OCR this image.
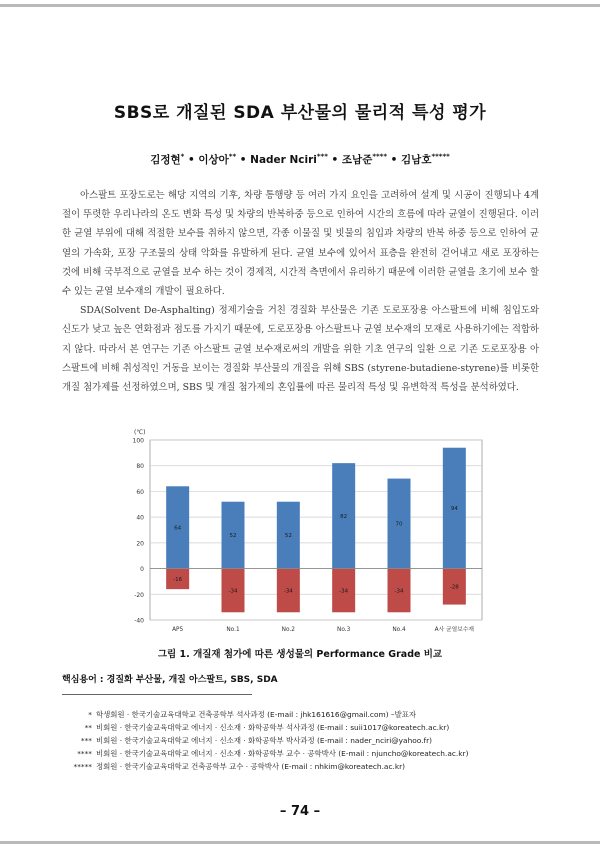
SBS로 개질된 SDA 부산물의 물리적 특성 평가
김정현* • 이상아** • Nader Nciri*** • 조남준**** • 김남호*****

아스팔트 포장도로는 해당 지역의 기후, 차량 통행량 등 여러 가지 요인을 고려하여 설계 및 시공이 진행되나 4계절이 뚜렷한 우리나라의 온도 변화 특성 및 차량의 반복하중 등으로 인하여 시간의 흐름에 따라 균열이 진행된다. 이러한 균열 부위에 대해 적절한 보수를 취하지 않으면, 각종 이물질 및 빗물의 침입과 차량의 반복 하중 등으로 인하여 균열의 가속화, 포장 구조물의 상태 악화를 유발하게 된다. 균열 보수에 있어서 표층을 완전히 걷어내고 새로 포장하는 것에 비해 국부적으로 균열을 보수 하는 것이 경제적, 시간적 측면에서 유리하기 때문에 이러한 균열을 초기에 보수 할 수 있는 균열 보수재의 개발이 필요하다.

SDA(Solvent De-Asphalting) 정제기술을 거친 경질화 부산물은 기존 도로포장용 아스팔트에 비해 침입도와 신도가 낮고 높은 연화점과 점도를 가지기 때문에, 도로포장용 아스팔트나 균열 보수재의 모재로 사용하기에는 적합하지 않다. 따라서 본 연구는 기존 아스팔트 균열 보수재로써의 개발을 위한 기초 연구의 일환 으로 기존 도로포장용 아스팔트에 비해 취성적인 거동을 보이는 경질화 부산물의 개질을 위해 SBS (styrene-butadiene-styrene)를 비롯한 개질 첨가제를 선정하였으며, SBS 및 개질 첨가제의 혼입률에 따른 물리적 특성 및 유변학적 특성을 분석하였다.

-40
-20
0
20
40
60
80
100
(℃)
64
-16
AP5
52
-34
No.1
52
-34
No.2
82
-34
No.3
70
-34
No.4
94
-28
A사 균열보수재
그림 1. 개질재 첨가에 따른 생성물의 Performance Grade 비교
핵심용어 : 경질화 부산물, 개질 아스팔트, SBS, SDA
* 학생회원 · 한국기술교육대학교 건축공학부 석사과정 (E-mail : jhk161616@gmail.com) –발표자
** 비회원 · 한국기술교육대학교 에너지 · 신소재 · 화학공학부 석사과정 (E-mail : suii1017@koreatech.ac.kr)
*** 비회원 · 한국기술교육대학교 에너지 · 신소재 · 화학공학부 박사과정 (E-mail : nader_nciri@yahoo.fr)
**** 비회원 · 한국기술교육대학교 에너지 · 신소재 · 화학공학부 교수 · 공학박사 (E-mail : njuncho@koreatech.ac.kr)
***** 정회원 · 한국기술교육대학교 건축공학부 교수 · 공학박사 (E-mail : nhkim@koreatech.ac.kr)
– 74 –
